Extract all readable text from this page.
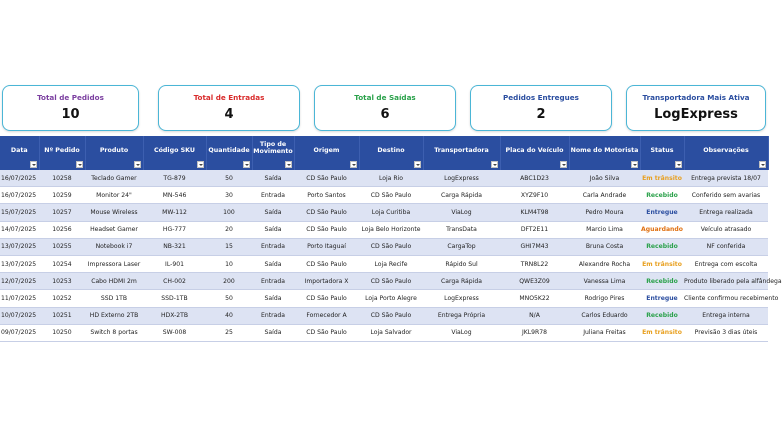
Total de Pedidos
10
Total de Entradas
4
Total de Saídas
6
Pedidos Entregues
2
Transportadora Mais Ativa
LogExpress
Data	Nº Pedido	Produto	Código SKU	Quantidade	Tipo de Movimento	Origem	Destino	Transportadora	Placa do Veículo	Nome do Motorista	Status	Observações

16/07/2025	10258	Teclado Gamer	TG-879	50	Saída	CD São Paulo	Loja Rio	LogExpress	ABC1D23	João Silva	Em trânsito	Entrega prevista 18/07
16/07/2025	10259	Monitor 24"	MN-546	30	Entrada	Porto Santos	CD São Paulo	Carga Rápida	XYZ9F10	Carla Andrade	Recebido	Conferido sem avarias
15/07/2025	10257	Mouse Wireless	MW-112	100	Saída	CD São Paulo	Loja Curitiba	ViaLog	KLM4T98	Pedro Moura	Entregue	Entrega realizada
14/07/2025	10256	Headset Gamer	HG-777	20	Saída	CD São Paulo	Loja Belo Horizonte	TransData	DFT2E11	Marcio Lima	Aguardando	Veículo atrasado
13/07/2025	10255	Notebook i7	NB-321	15	Entrada	Porto Itaguaí	CD São Paulo	CargaTop	GHI7M43	Bruna Costa	Recebido	NF conferida
13/07/2025	10254	Impressora Laser	IL-901	10	Saída	CD São Paulo	Loja Recife	Rápido Sul	TRN8L22	Alexandre Rocha	Em trânsito	Entrega com escolta
12/07/2025	10253	Cabo HDMI 2m	CH-002	200	Entrada	Importadora X	CD São Paulo	Carga Rápida	QWE3Z09	Vanessa Lima	Recebido	Produto liberado pela alfândega
11/07/2025	10252	SSD 1TB	SSD-1TB	50	Saída	CD São Paulo	Loja Porto Alegre	LogExpress	MNO5K22	Rodrigo Pires	Entregue	Cliente confirmou recebimento
10/07/2025	10251	HD Externo 2TB	HDX-2TB	40	Entrada	Fornecedor A	CD São Paulo	Entrega Própria	N/A	Carlos Eduardo	Recebido	Entrega interna
09/07/2025	10250	Switch 8 portas	SW-008	25	Saída	CD São Paulo	Loja Salvador	ViaLog	JKL9R78	Juliana Freitas	Em trânsito	Previsão 3 dias úteis
